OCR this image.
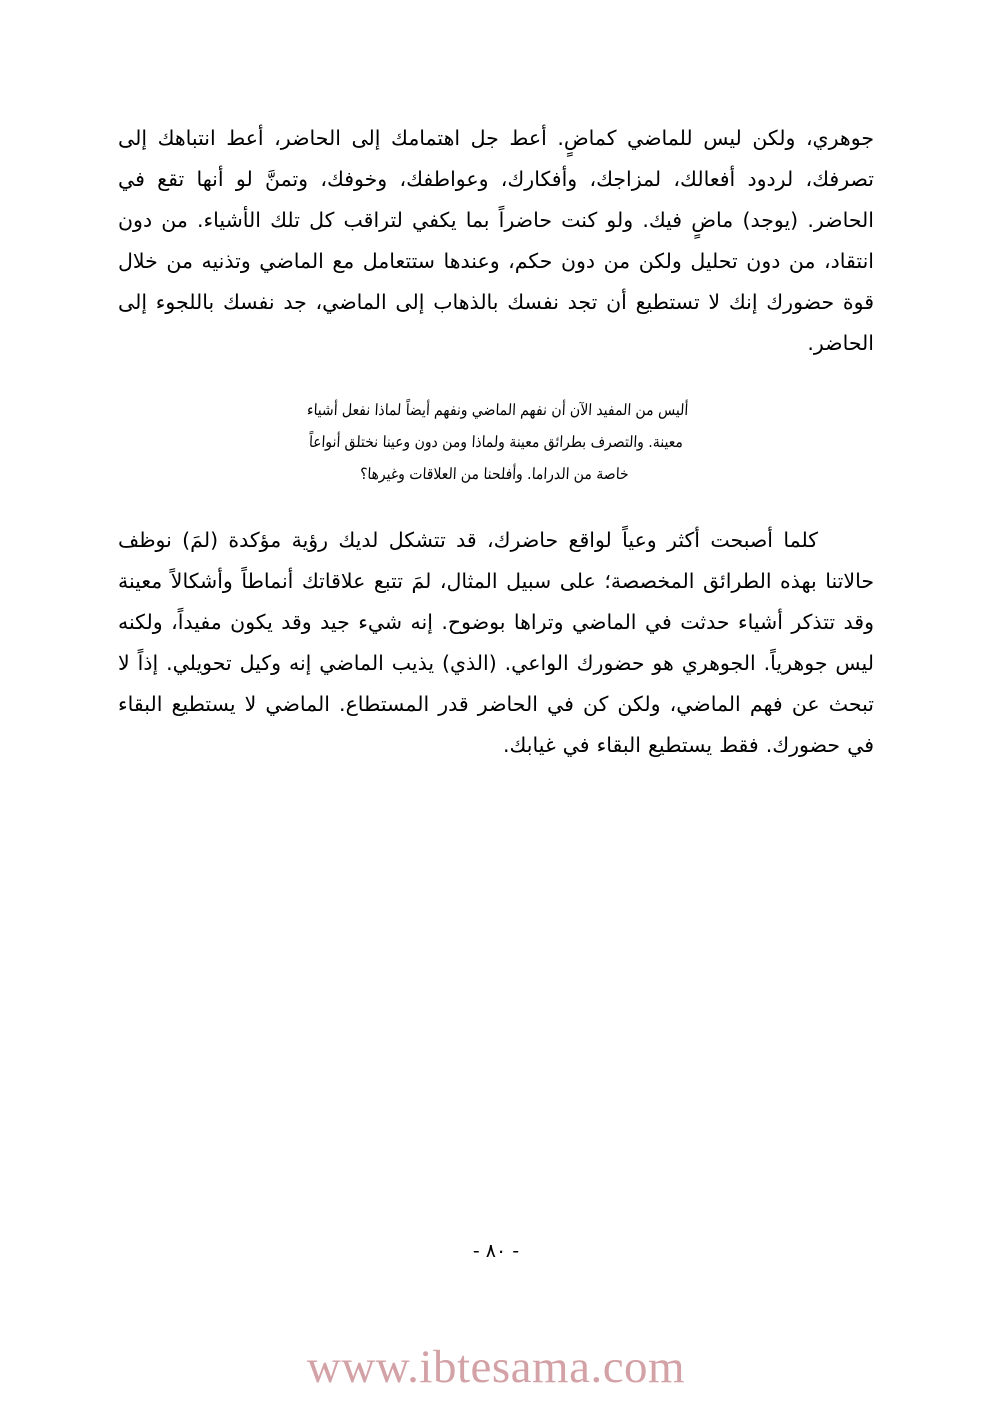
جوهري، ولكن ليس للماضي كماضٍ. أعط جل اهتمامك إلى الحاضر، أعط انتباهك إلى تصرفك، لردود أفعالك، لمزاجك، وأفكارك، وعواطفك، وخوفك، وتمنَّ لو أنها تقع في الحاضر. (يوجد) ماضٍ فيك. ولو كنت حاضراً بما يكفي لتراقب كل تلك الأشياء. من دون انتقاد، من دون تحليل ولكن من دون حكم، وعندها ستتعامل مع الماضي وتذنيه من خلال قوة حضورك إنك لا تستطيع أن تجد نفسك بالذهاب إلى الماضي، جد نفسك باللجوء إلى الحاضر.

أليس من المفيد الآن أن نفهم الماضي ونفهم أيضاً لماذا نفعل أشياء
معينة. والتصرف بطرائق معينة ولماذا ومن دون وعينا نختلق أنواعاً
خاصة من الدراما. وأفلحنا من العلاقات وغيرها؟

كلما أصبحت أكثر وعياً لواقع حاضرك، قد تتشكل لديك رؤية مؤكدة (لمَ) نوظف حالاتنا بهذه الطرائق المخصصة؛ على سبيل المثال، لمَ تتبع علاقاتك أنماطاً وأشكالاً معينة وقد تتذكر أشياء حدثت في الماضي وتراها بوضوح. إنه شيء جيد وقد يكون مفيداً، ولكنه ليس جوهرياً. الجوهري هو حضورك الواعي. (الذي) يذيب الماضي إنه وكيل تحويلي. إذاً لا تبحث عن فهم الماضي، ولكن كن في الحاضر قدر المستطاع. الماضي لا يستطيع البقاء في حضورك. فقط يستطيع البقاء في غيابك.

- ٨٠ -
www.ibtesama.com
